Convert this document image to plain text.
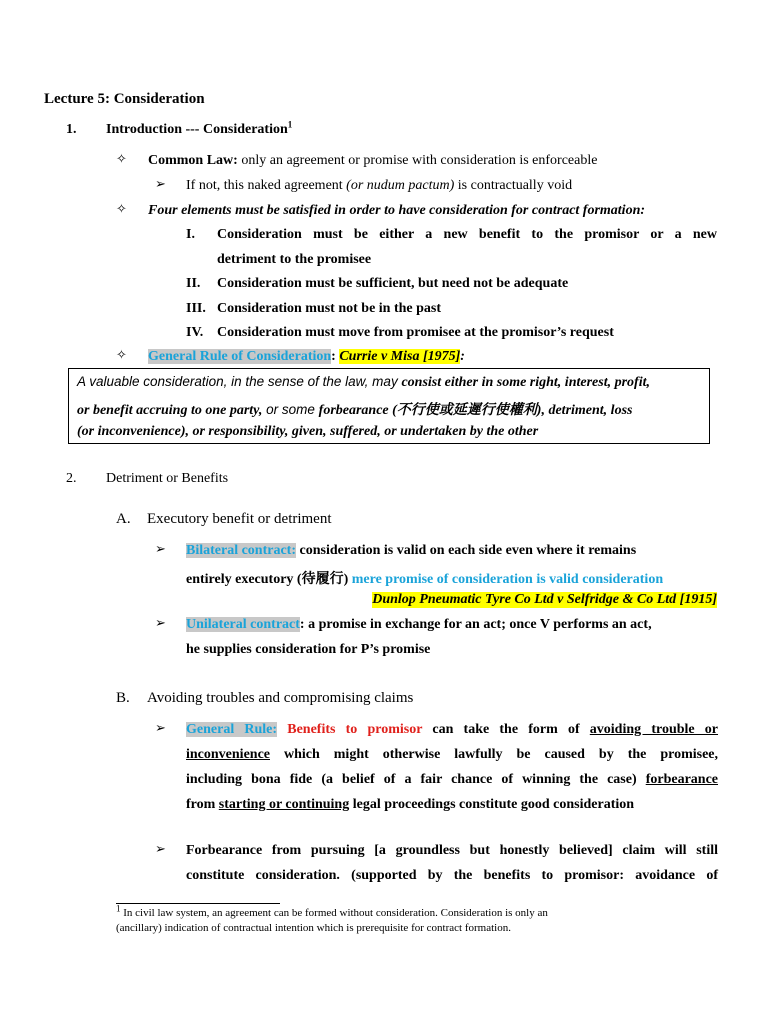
Lecture 5: Consideration
1. Introduction --- Consideration$^1$
✧ Common Law: only an agreement or promise with consideration is enforceable
➢ If not, this naked agreement (or nudum pactum) is contractually void
✧ Four elements must be satisfied in order to have consideration for contract formation:
I. Consideration must be either a new benefit to the promisor or a new
detriment to the promisee
II. Consideration must be sufficient, but need not be adequate
III. Consideration must not be in the past
IV. Consideration must move from promisee at the promisor’s request
✧ General Rule of Consideration: Currie v Misa [1975]:
A valuable consideration, in the sense of the law, may consist either in some right, interest, profit,
or benefit accruing to one party, or some forbearance (不行使或延遲行使權利), detriment, loss
(or inconvenience), or responsibility, given, suffered, or undertaken by the other
2. Detriment or Benefits
A. Executory benefit or detriment
➢ Bilateral contract: consideration is valid on each side even where it remains
entirely executory (待履行) mere promise of consideration is valid consideration
Dunlop Pneumatic Tyre Co Ltd v Selfridge & Co Ltd [1915]
➢ Unilateral contract: a promise in exchange for an act; once V performs an act,
he supplies consideration for P’s promise
B. Avoiding troubles and compromising claims
➢ General Rule: Benefits to promisor can take the form of avoiding trouble or
inconvenience which might otherwise lawfully be caused by the promisee,
including bona fide (a belief of a fair chance of winning the case) forbearance
from starting or continuing legal proceedings constitute good consideration
➢ Forbearance from pursuing [a groundless but honestly believed] claim will still
constitute consideration. (supported by the benefits to promisor: avoidance of
$^1$ In civil law system, an agreement can be formed without consideration. Consideration is only an
(ancillary) indication of contractual intention which is prerequisite for contract formation.
